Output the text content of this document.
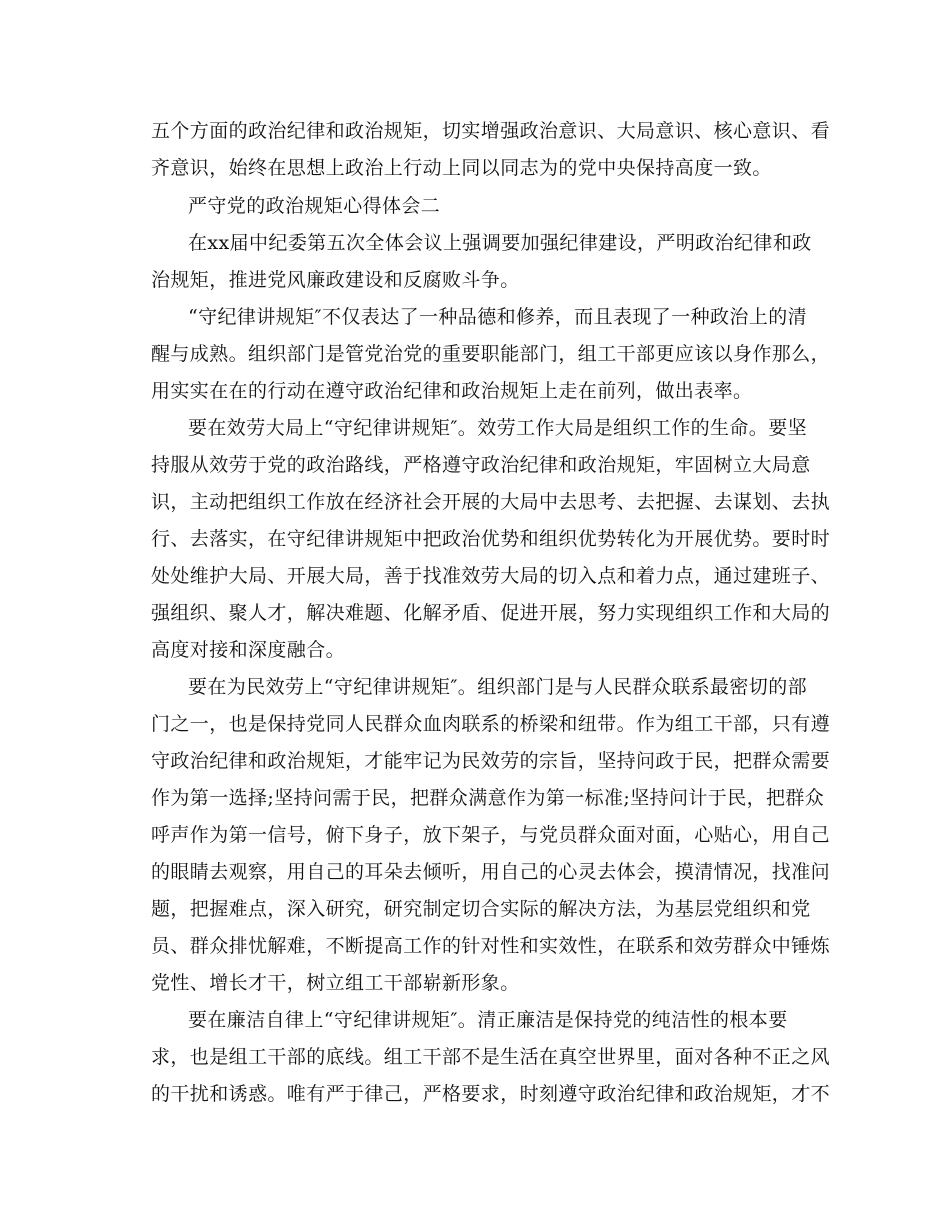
五个方面的政治纪律和政治规矩，切实增强政治意识、大局意识、核心意识、看
齐意识，始终在思想上政治上行动上同以同志为的党中央保持高度一致。
严守党的政治规矩心得体会二
在xx届中纪委第五次全体会议上强调要加强纪律建设，严明政治纪律和政
治规矩，推进党风廉政建设和反腐败斗争。
“守纪律讲规矩″不仅表达了一种品德和修养，而且表现了一种政治上的清
醒与成熟。组织部门是管党治党的重要职能部门，组工干部更应该以身作那么，
用实实在在的行动在遵守政治纪律和政治规矩上走在前列，做出表率。
要在效劳大局上“守纪律讲规矩″。效劳工作大局是组织工作的生命。要坚
持服从效劳于党的政治路线，严格遵守政治纪律和政治规矩，牢固树立大局意
识，主动把组织工作放在经济社会开展的大局中去思考、去把握、去谋划、去执
行、去落实，在守纪律讲规矩中把政治优势和组织优势转化为开展优势。要时时
处处维护大局、开展大局，善于找准效劳大局的切入点和着力点，通过建班子、
强组织、聚人才，解决难题、化解矛盾、促进开展，努力实现组织工作和大局的
高度对接和深度融合。
要在为民效劳上“守纪律讲规矩″。组织部门是与人民群众联系最密切的部
门之一，也是保持党同人民群众血肉联系的桥梁和纽带。作为组工干部，只有遵
守政治纪律和政治规矩，才能牢记为民效劳的宗旨，坚持问政于民，把群众需要
作为第一选择;坚持问需于民，把群众满意作为第一标准;坚持问计于民，把群众
呼声作为第一信号，俯下身子，放下架子，与党员群众面对面，心贴心，用自己
的眼睛去观察，用自己的耳朵去倾听，用自己的心灵去体会，摸清情况，找准问
题，把握难点，深入研究，研究制定切合实际的解决方法，为基层党组织和党
员、群众排忧解难，不断提高工作的针对性和实效性，在联系和效劳群众中锤炼
党性、增长才干，树立组工干部崭新形象。
要在廉洁自律上“守纪律讲规矩″。清正廉洁是保持党的纯洁性的根本要
求，也是组工干部的底线。组工干部不是生活在真空世界里，面对各种不正之风
的干扰和诱惑。唯有严于律己，严格要求，时刻遵守政治纪律和政治规矩，才不
